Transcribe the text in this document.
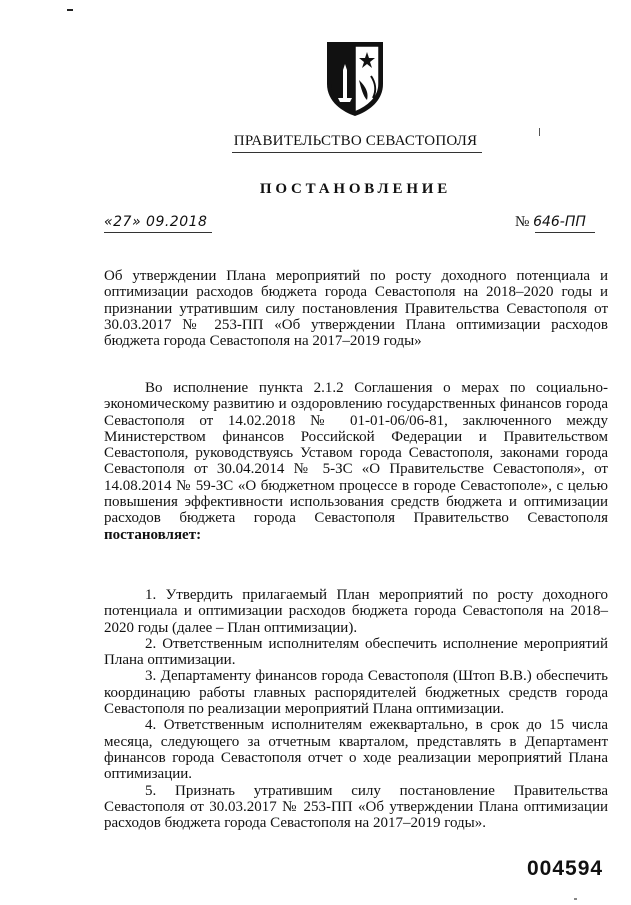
ПРАВИТЕЛЬСТВО СЕВАСТОПОЛЯ
ПОСТАНОВЛЕНИЕ
«27» 09.2018	№ 646-ПП
Об утверждении Плана мероприятий по росту доходного потенциала и оптимизации расходов бюджета города Севастополя на 2018–2020 годы и признании утратившим силу постановления Правительства Севастополя от 30.03.2017 № 253-ПП «Об утверждении Плана оптимизации расходов бюджета города Севастополя на 2017–2019 годы»
Во исполнение пункта 2.1.2 Соглашения о мерах по социально-экономическому развитию и оздоровлению государственных финансов города Севастополя от 14.02.2018 № 01-01-06/06-81, заключенного между Министерством финансов Российской Федерации и Правительством Севастополя, руководствуясь Уставом города Севастополя, законами города Севастополя от 30.04.2014 № 5-ЗС «О Правительстве Севастополя», от 14.08.2014 № 59-ЗС «О бюджетном процессе в городе Севастополе», с целью повышения эффективности использования средств бюджета и оптимизации расходов бюджета города Севастополя Правительство Севастополя постановляет:

1. Утвердить прилагаемый План мероприятий по росту доходного потенциала и оптимизации расходов бюджета города Севастополя на 2018–2020 годы (далее – План оптимизации).

2. Ответственным исполнителям обеспечить исполнение мероприятий Плана оптимизации.

3. Департаменту финансов города Севастополя (Штоп В.В.) обеспечить координацию работы главных распорядителей бюджетных средств города Севастополя по реализации мероприятий Плана оптимизации.

4. Ответственным исполнителям ежеквартально, в срок до 15 числа месяца, следующего за отчетным кварталом, представлять в Департамент финансов города Севастополя отчет о ходе реализации мероприятий Плана оптимизации.

5. Признать утратившим силу постановление Правительства Севастополя от 30.03.2017 № 253-ПП «Об утверждении Плана оптимизации расходов бюджета города Севастополя на 2017–2019 годы».

004594
